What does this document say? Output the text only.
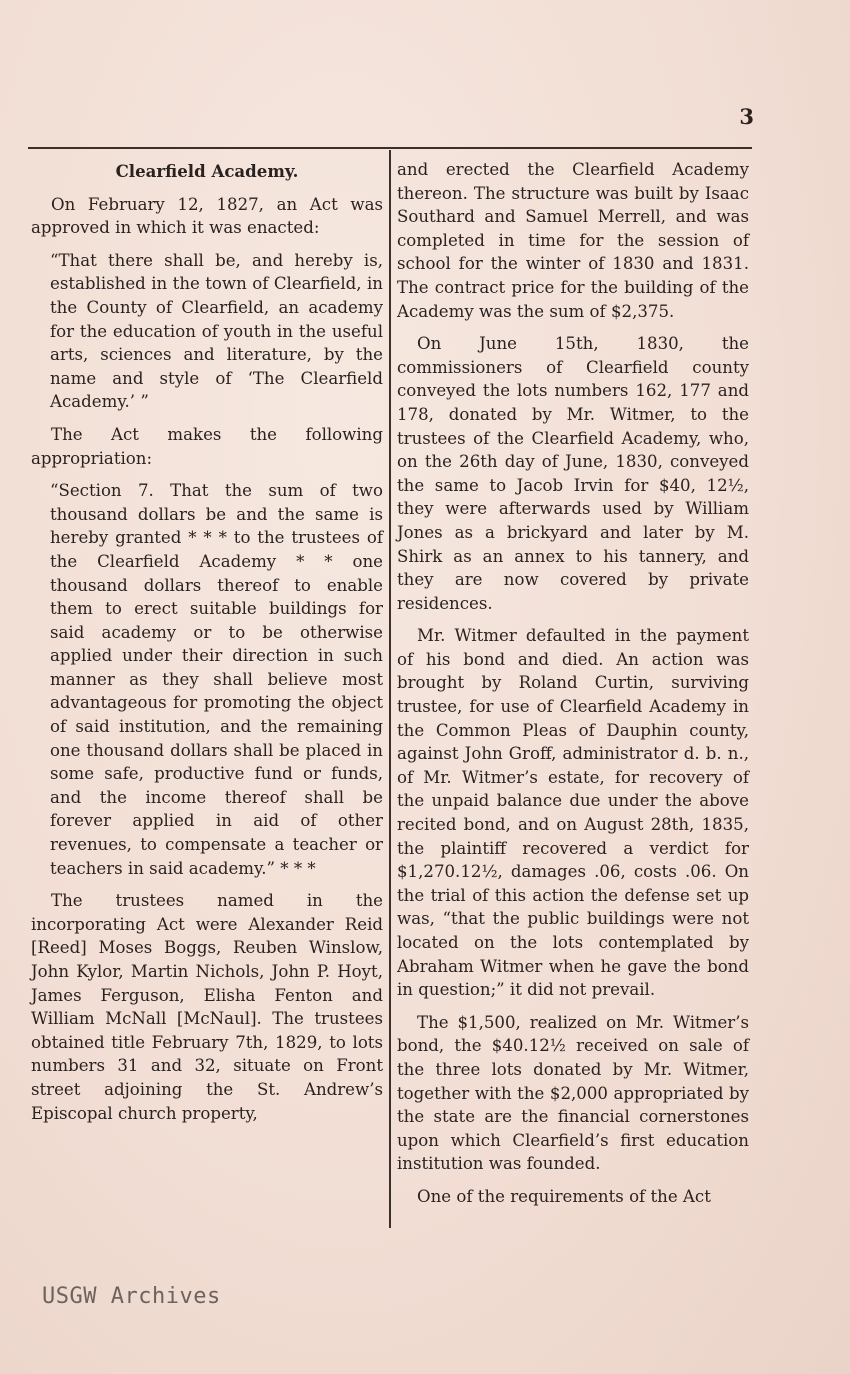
3
Clearfield Academy.

On February 12, 1827, an Act was approved in which it was enacted:

“That there shall be, and hereby is, established in the town of Clearfield, in the County of Clearfield, an academy for the education of youth in the useful arts, sciences and literature, by the name and style of ‘The Clearfield Academy.’ ”

The Act makes the following appropriation:

“Section 7. That the sum of two thousand dollars be and the same is hereby granted * * * to the trustees of the Clearfield Academy * * one thousand dollars thereof to enable them to erect suitable buildings for said academy or to be otherwise applied under their direction in such manner as they shall believe most advantageous for promoting the object of said institution, and the remaining one thousand dollars shall be placed in some safe, productive fund or funds, and the income thereof shall be forever applied in aid of other revenues, to compensate a teacher or teachers in said academy.” * * *

The trustees named in the incorporating Act were Alexander Reid [Reed] Moses Boggs, Reuben Winslow, John Kylor, Martin Nichols, John P. Hoyt, James Ferguson, Elisha Fenton and William McNall [McNaul]. The trustees obtained title February 7th, 1829, to lots numbers 31 and 32, situate on Front street adjoining the St. Andrew’s Episcopal church property,

and erected the Clearfield Academy thereon. The structure was built by Isaac Southard and Samuel Merrell, and was completed in time for the session of school for the winter of 1830 and 1831. The contract price for the building of the Academy was the sum of $2,375.

On June 15th, 1830, the commissioners of Clearfield county conveyed the lots numbers 162, 177 and 178, donated by Mr. Witmer, to the trustees of the Clearfield Academy, who, on the 26th day of June, 1830, conveyed the same to Jacob Irvin for $40, 12½, they were afterwards used by William Jones as a brickyard and later by M. Shirk as an annex to his tannery, and they are now covered by private residences.

Mr. Witmer defaulted in the payment of his bond and died. An action was brought by Roland Curtin, surviving trustee, for use of Clearfield Academy in the Common Pleas of Dauphin county, against John Groff, administrator d. b. n., of Mr. Witmer’s estate, for recovery of the unpaid balance due under the above recited bond, and on August 28th, 1835, the plaintiff recovered a verdict for $1,270.12½, damages .06, costs .06. On the trial of this action the defense set up was, “that the public buildings were not located on the lots contemplated by Abraham Witmer when he gave the bond in question;” it did not prevail.

The $1,500, realized on Mr. Witmer’s bond, the $40.12½ received on sale of the three lots donated by Mr. Witmer, together with the $2,000 appropriated by the state are the financial cornerstones upon which Clearfield’s first education institution was founded.

One of the requirements of the Act

USGW Archives
